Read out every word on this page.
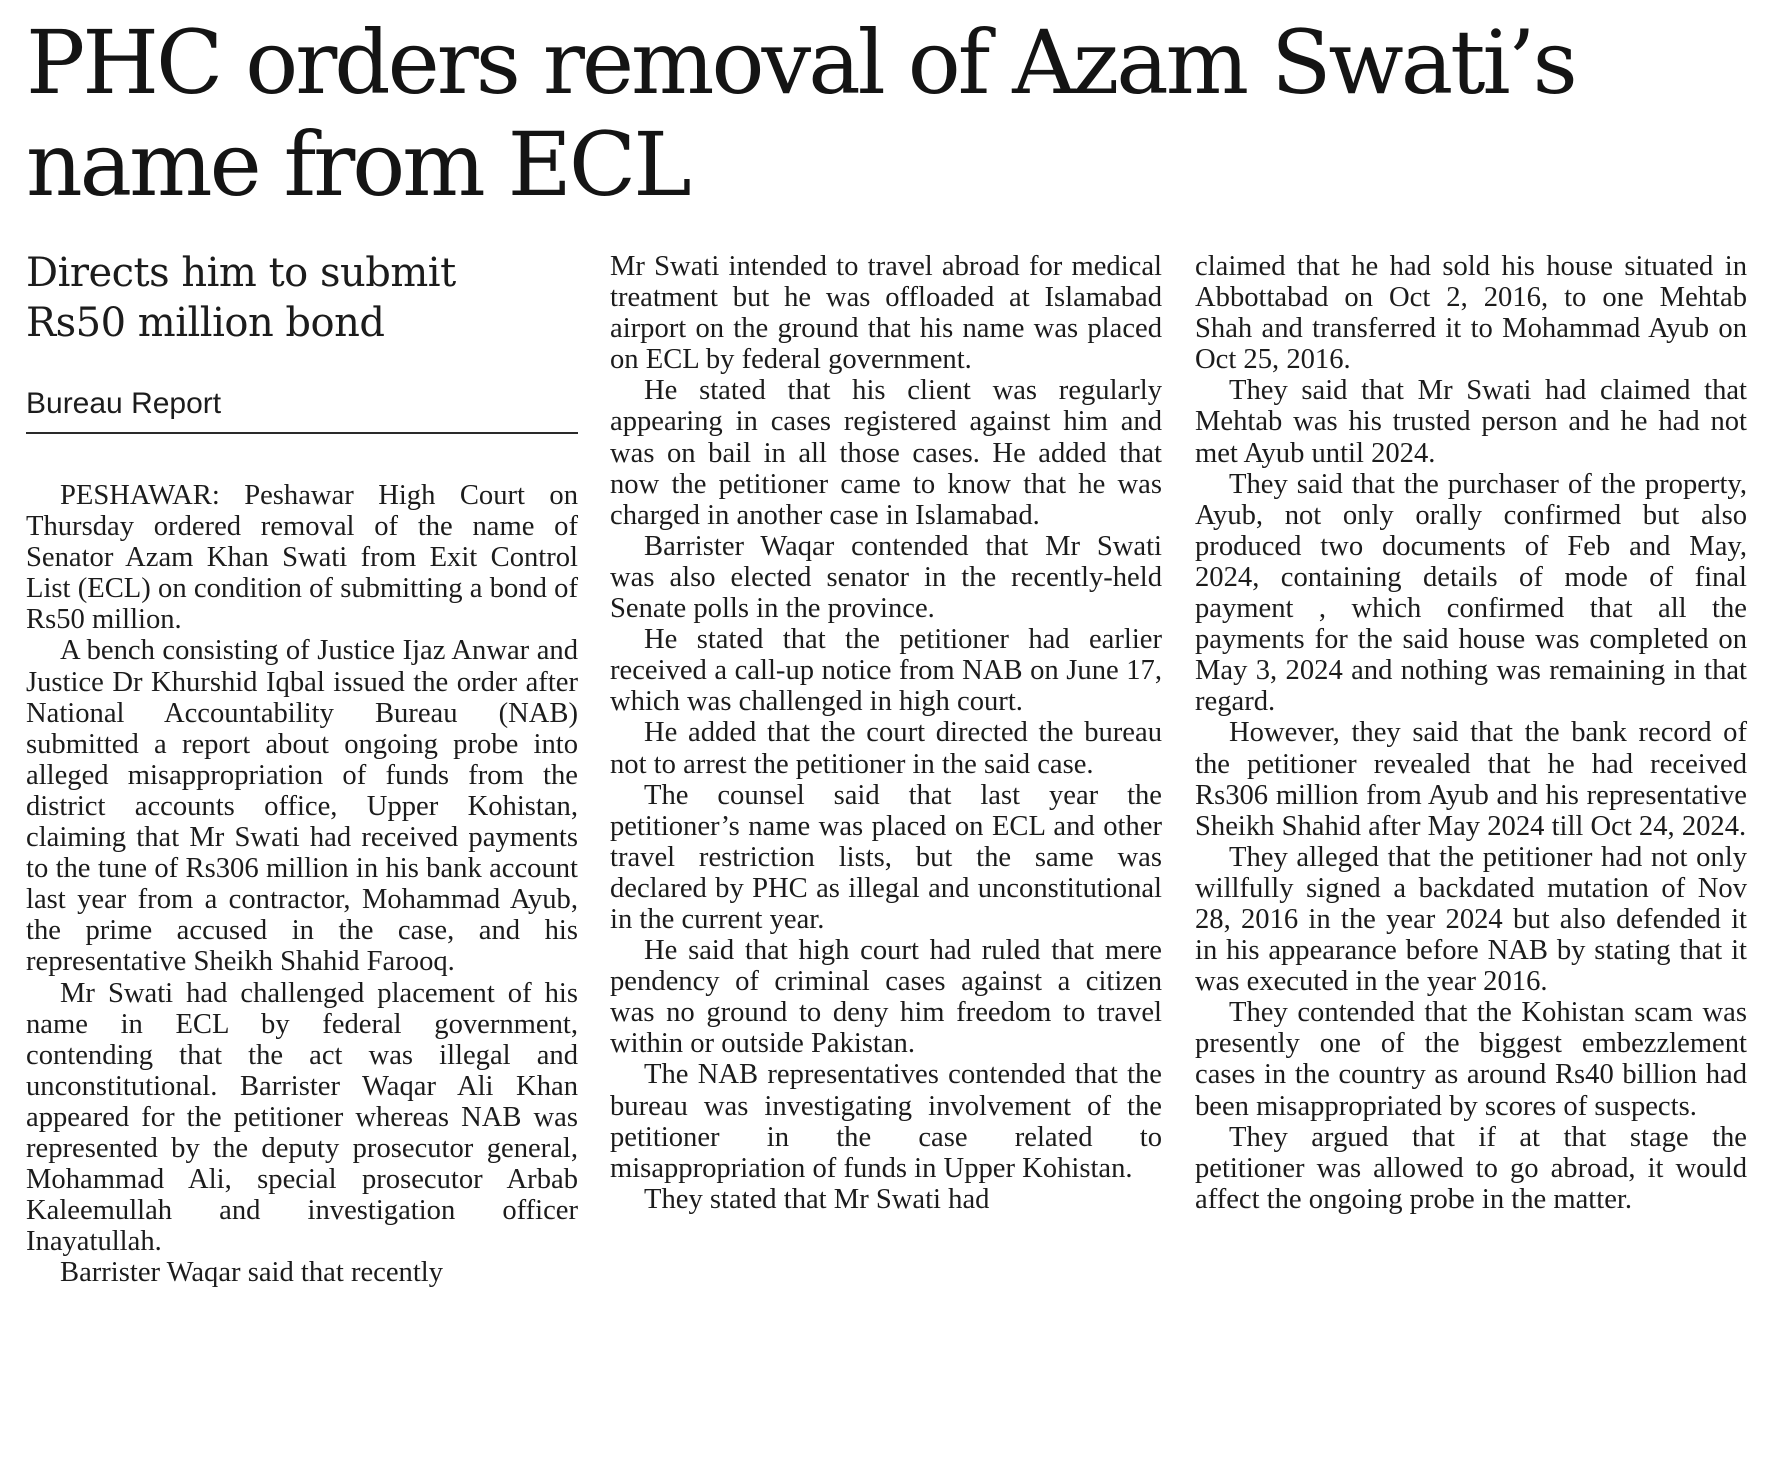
PHC orders removal of Azam Swati’s
name from ECL
Directs him to submit
Rs50 million bond
Bureau Report

PESHAWAR: Peshawar High Court on Thursday ordered removal of the name of Senator Azam Khan Swati from Exit Control List (ECL) on condition of submitting a bond of Rs50 million.

A bench consisting of Justice Ijaz Anwar and Justice Dr Khurshid Iqbal issued the order after National Accountability Bureau (NAB) submitted a report about ongoing probe into alleged misappropriation of funds from the district accounts office, Upper Kohistan, claiming that Mr Swati had received payments to the tune of Rs306 million in his bank account last year from a contractor, Mohammad Ayub, the prime accused in the case, and his representative Sheikh Shahid Farooq.

Mr Swati had challenged placement of his name in ECL by federal government, contending that the act was illegal and unconstitutional. Barrister Waqar Ali Khan appeared for the petitioner whereas NAB was represented by the deputy prosecutor general, Mohammad Ali, special prosecutor Arbab Kaleemullah and investigation officer Inayatullah.

Barrister Waqar said that recently

Mr Swati intended to travel abroad for medical treatment but he was offloaded at Islamabad airport on the ground that his name was placed on ECL by federal government.

He stated that his client was regularly appearing in cases registered against him and was on bail in all those cases. He added that now the petitioner came to know that he was charged in another case in Islamabad.

Barrister Waqar contended that Mr Swati was also elected senator in the recently-held Senate polls in the province.

He stated that the petitioner had earlier received a call-up notice from NAB on June 17, which was challenged in high court.

He added that the court directed the bureau not to arrest the petitioner in the said case.

The counsel said that last year the petitioner’s name was placed on ECL and other travel restriction lists, but the same was declared by PHC as illegal and unconstitutional in the current year.

He said that high court had ruled that mere pendency of criminal cases against a citizen was no ground to deny him freedom to travel within or outside Pakistan.

The NAB representatives contended that the bureau was investigating involvement of the petitioner in the case related to misappropriation of funds in Upper Kohistan.

They stated that Mr Swati had

claimed that he had sold his house situated in Abbottabad on Oct 2, 2016, to one Mehtab Shah and transferred it to Mohammad Ayub on Oct 25, 2016.

They said that Mr Swati had claimed that Mehtab was his trusted person and he had not met Ayub until 2024.

They said that the purchaser of the property, Ayub, not only orally confirmed but also produced two documents of Feb and May, 2024, containing details of mode of final payment , which confirmed that all the payments for the said house was completed on May 3, 2024 and nothing was remaining in that regard.

However, they said that the bank record of the petitioner revealed that he had received Rs306 million from Ayub and his representative Sheikh Shahid after May 2024 till Oct 24, 2024.

They alleged that the petitioner had not only willfully signed a backdated mutation of Nov 28, 2016 in the year 2024 but also defended it in his appearance before NAB by stating that it was executed in the year 2016.

They contended that the Kohistan scam was presently one of the biggest embezzlement cases in the country as around Rs40 billion had been misappropriated by scores of suspects.

They argued that if at that stage the petitioner was allowed to go abroad, it would affect the ongoing probe in the matter.
